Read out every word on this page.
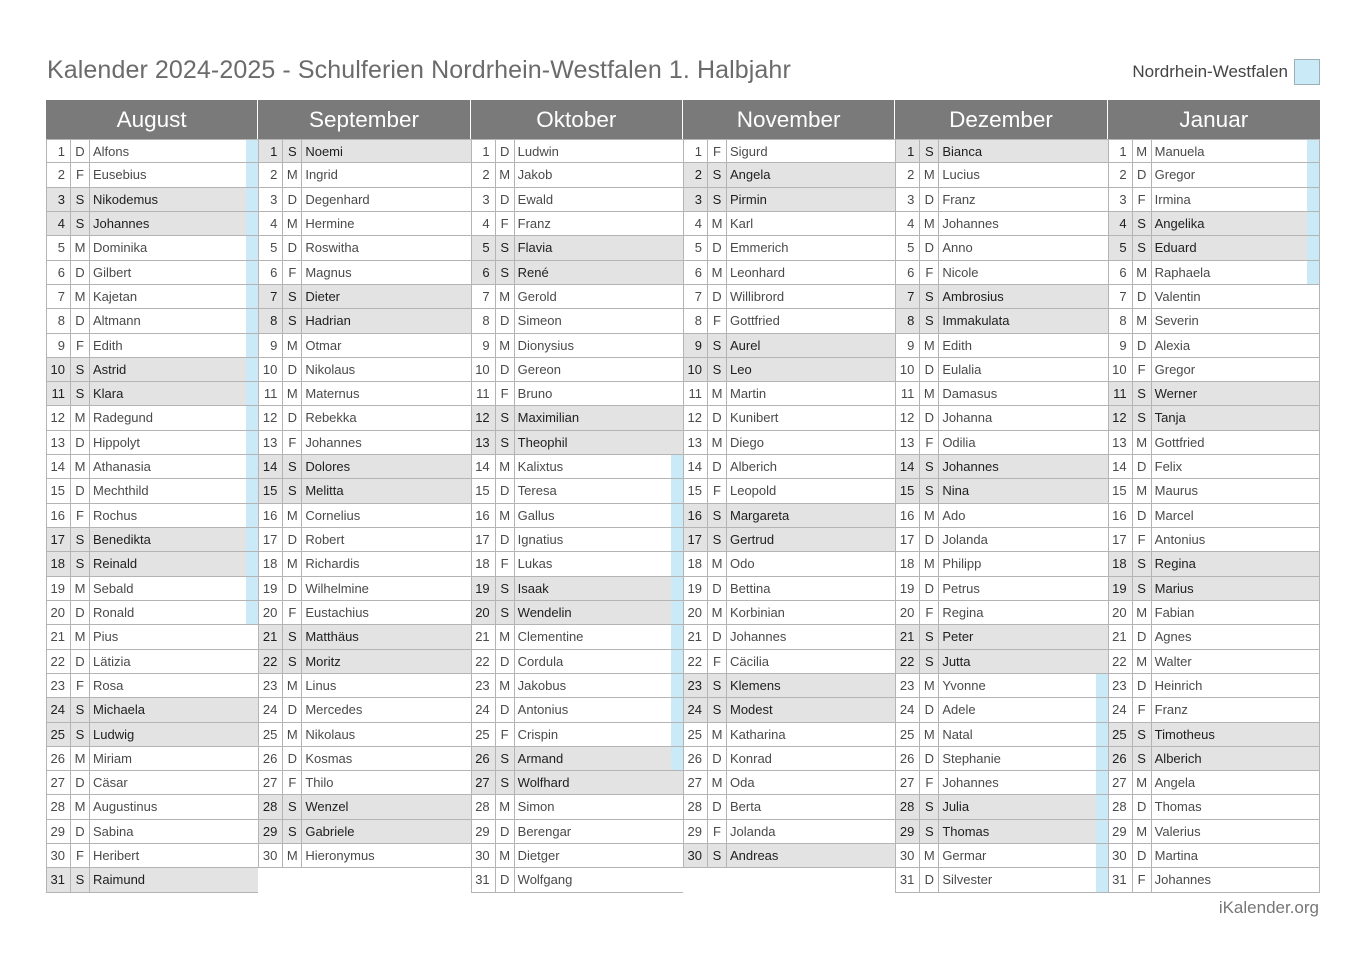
Kalender 2024-2025 - Schulferien Nordrhein-Westfalen 1. Halbjahr	Nordrhein-Westfalen
August
1 D Alfons
2 F Eusebius
3 S Nikodemus
4 S Johannes
5 M Dominika
6 D Gilbert
7 M Kajetan
8 D Altmann
9 F Edith
10 S Astrid
11 S Klara
12 M Radegund
13 D Hippolyt
14 M Athanasia
15 D Mechthild
16 F Rochus
17 S Benedikta
18 S Reinald
19 M Sebald
20 D Ronald
21 M Pius
22 D Lätizia
23 F Rosa
24 S Michaela
25 S Ludwig
26 M Miriam
27 D Cäsar
28 M Augustinus
29 D Sabina
30 F Heribert
31 S Raimund
September
1 S Noemi
2 M Ingrid
3 D Degenhard
4 M Hermine
5 D Roswitha
6 F Magnus
7 S Dieter
8 S Hadrian
9 M Otmar
10 D Nikolaus
11 M Maternus
12 D Rebekka
13 F Johannes
14 S Dolores
15 S Melitta
16 M Cornelius
17 D Robert
18 M Richardis
19 D Wilhelmine
20 F Eustachius
21 S Matthäus
22 S Moritz
23 M Linus
24 D Mercedes
25 M Nikolaus
26 D Kosmas
27 F Thilo
28 S Wenzel
29 S Gabriele
30 M Hieronymus
Oktober
1 D Ludwin
2 M Jakob
3 D Ewald
4 F Franz
5 S Flavia
6 S René
7 M Gerold
8 D Simeon
9 M Dionysius
10 D Gereon
11 F Bruno
12 S Maximilian
13 S Theophil
14 M Kalixtus
15 D Teresa
16 M Gallus
17 D Ignatius
18 F Lukas
19 S Isaak
20 S Wendelin
21 M Clementine
22 D Cordula
23 M Jakobus
24 D Antonius
25 F Crispin
26 S Armand
27 S Wolfhard
28 M Simon
29 D Berengar
30 M Dietger
31 D Wolfgang
November
1 F Sigurd
2 S Angela
3 S Pirmin
4 M Karl
5 D Emmerich
6 M Leonhard
7 D Willibrord
8 F Gottfried
9 S Aurel
10 S Leo
11 M Martin
12 D Kunibert
13 M Diego
14 D Alberich
15 F Leopold
16 S Margareta
17 S Gertrud
18 M Odo
19 D Bettina
20 M Korbinian
21 D Johannes
22 F Cäcilia
23 S Klemens
24 S Modest
25 M Katharina
26 D Konrad
27 M Oda
28 D Berta
29 F Jolanda
30 S Andreas
Dezember
1 S Bianca
2 M Lucius
3 D Franz
4 M Johannes
5 D Anno
6 F Nicole
7 S Ambrosius
8 S Immakulata
9 M Edith
10 D Eulalia
11 M Damasus
12 D Johanna
13 F Odilia
14 S Johannes
15 S Nina
16 M Ado
17 D Jolanda
18 M Philipp
19 D Petrus
20 F Regina
21 S Peter
22 S Jutta
23 M Yvonne
24 D Adele
25 M Natal
26 D Stephanie
27 F Johannes
28 S Julia
29 S Thomas
30 M Germar
31 D Silvester
Januar
1 M Manuela
2 D Gregor
3 F Irmina
4 S Angelika
5 S Eduard
6 M Raphaela
7 D Valentin
8 M Severin
9 D Alexia
10 F Gregor
11 S Werner
12 S Tanja
13 M Gottfried
14 D Felix
15 M Maurus
16 D Marcel
17 F Antonius
18 S Regina
19 S Marius
20 M Fabian
21 D Agnes
22 M Walter
23 D Heinrich
24 F Franz
25 S Timotheus
26 S Alberich
27 M Angela
28 D Thomas
29 M Valerius
30 D Martina
31 F Johannes
iKalender.org
